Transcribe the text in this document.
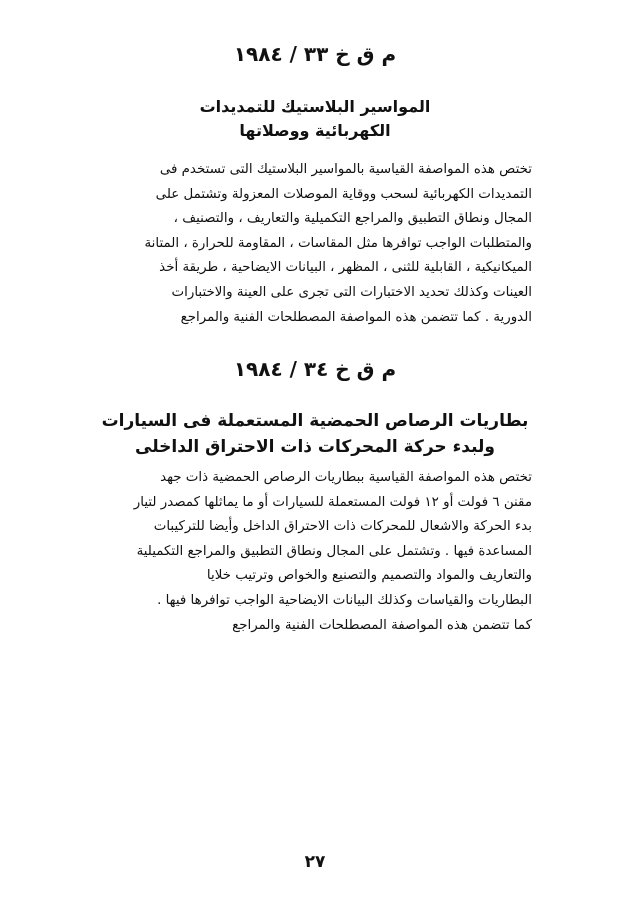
م ق خ ٣٣ / ١٩٨٤
المواسير البلاستيك للتمديدات
الكهربائية ووصلاتها
تختص هذه المواصفة القياسية بالمواسير البلاستيك التى تستخدم فى
التمديدات الكهربائية لسحب ووقاية الموصلات المعزولة وتشتمل على
المجال ونطاق التطبيق والمراجع التكميلية والتعاريف ، والتصنيف ،
والمتطلبات الواجب توافرها مثل المقاسات ، المقاومة للحرارة ، المتانة
الميكانيكية ، القابلية للثنى ، المظهر ، البيانات الايضاحية ، طريقة أخذ
العينات وكذلك تحديد الاختبارات التى تجرى على العينة والاختبارات
الدورية . كما تتضمن هذه المواصفة المصطلحات الفنية والمراجع
م ق خ ٣٤ / ١٩٨٤
بطاريات الرصاص الحمضية المستعملة فى السيارات
ولبدء حركة المحركات ذات الاحتراق الداخلى
تختص هذه المواصفة القياسية ببطاريات الرصاص الحمضية ذات جهد
مقنن ٦ فولت أو ١٢ فولت المستعملة للسيارات أو ما يماثلها كمصدر لتيار
بدء الحركة والاشعال للمحركات ذات الاحتراق الداخل وأيضا للتركيبات
المساعدة فيها . وتشتمل على المجال ونطاق التطبيق والمراجع التكميلية
والتعاريف والمواد والتصميم والتصنيع والخواص وترتيب خلايا
البطاريات والقياسات وكذلك البيانات الايضاحية الواجب توافرها فيها .
كما تتضمن هذه المواصفة المصطلحات الفنية والمراجع
٢٧
